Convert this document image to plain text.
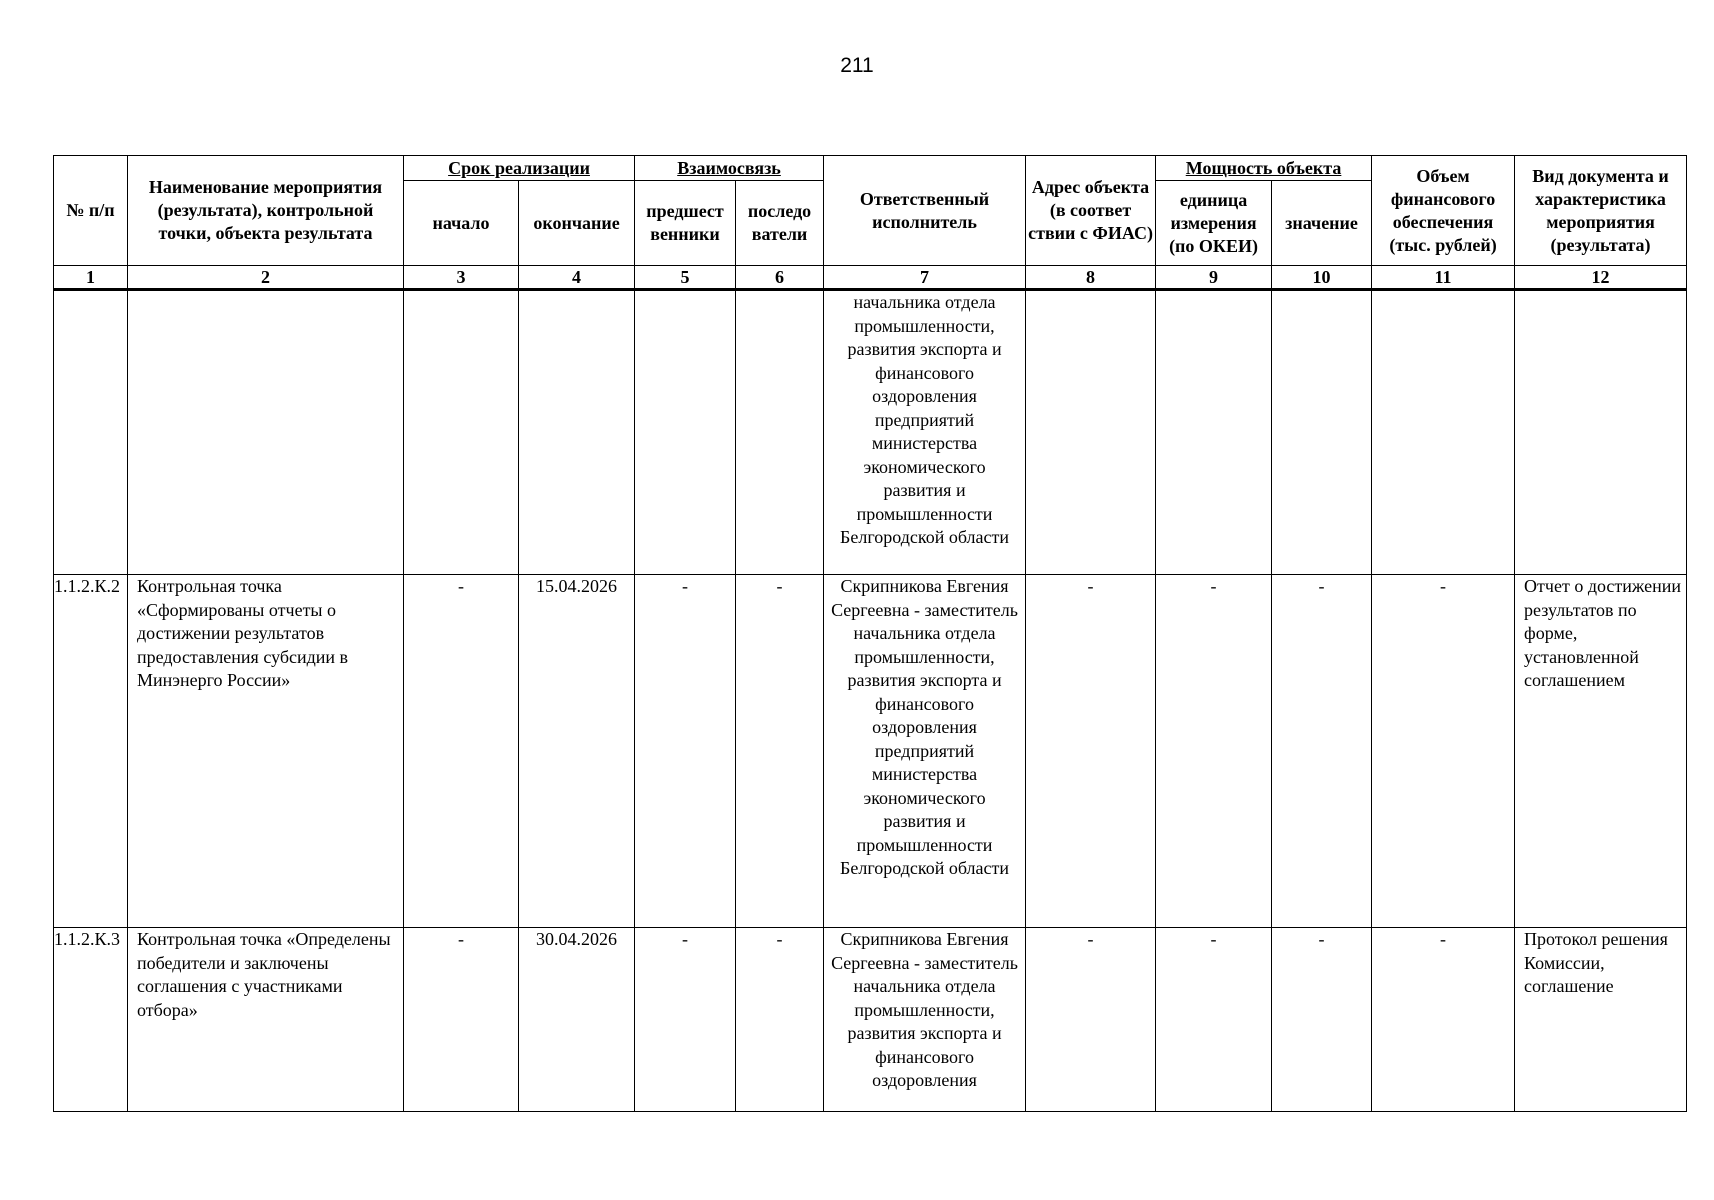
211
№ п/п	Наименование мероприятия (результата), контрольной точки, объекта результата	Срок реализации		Взаимосвязь		Ответственный исполнитель	Адрес объекта (в соответ ствии с ФИАС)	Мощность объекта		Объем финансового обеспечения (тыс. рублей)	Вид документа и характеристика мероприятия (результата)
		начало	окончание	предшест венники	последо ватели			единица измерения (по ОКЕИ)	значение		
1	2	3	4	5	6	7	8	9	10	11	12
						начальника отдела промышленности, развития экспорта и финансового оздоровления предприятий министерства экономического развития и промышленности Белгородской области					
1.1.2.К.2	Контрольная точка «Сформированы отчеты о достижении результатов предоставления субсидии в Минэнерго России»	-	15.04.2026	-	-	Скрипникова Евгения Сергеевна - заместитель начальника отдела промышленности, развития экспорта и финансового оздоровления предприятий министерства экономического развития и промышленности Белгородской области	-	-	-	-	Отчет о достижении результатов по форме, установленной соглашением
1.1.2.К.3	Контрольная точка «Определены победители и заключены соглашения с участниками отбора»	-	30.04.2026	-	-	Скрипникова Евгения Сергеевна - заместитель начальника отдела промышленности, развития экспорта и финансового оздоровления	-	-	-	-	Протокол решения Комиссии, соглашение
